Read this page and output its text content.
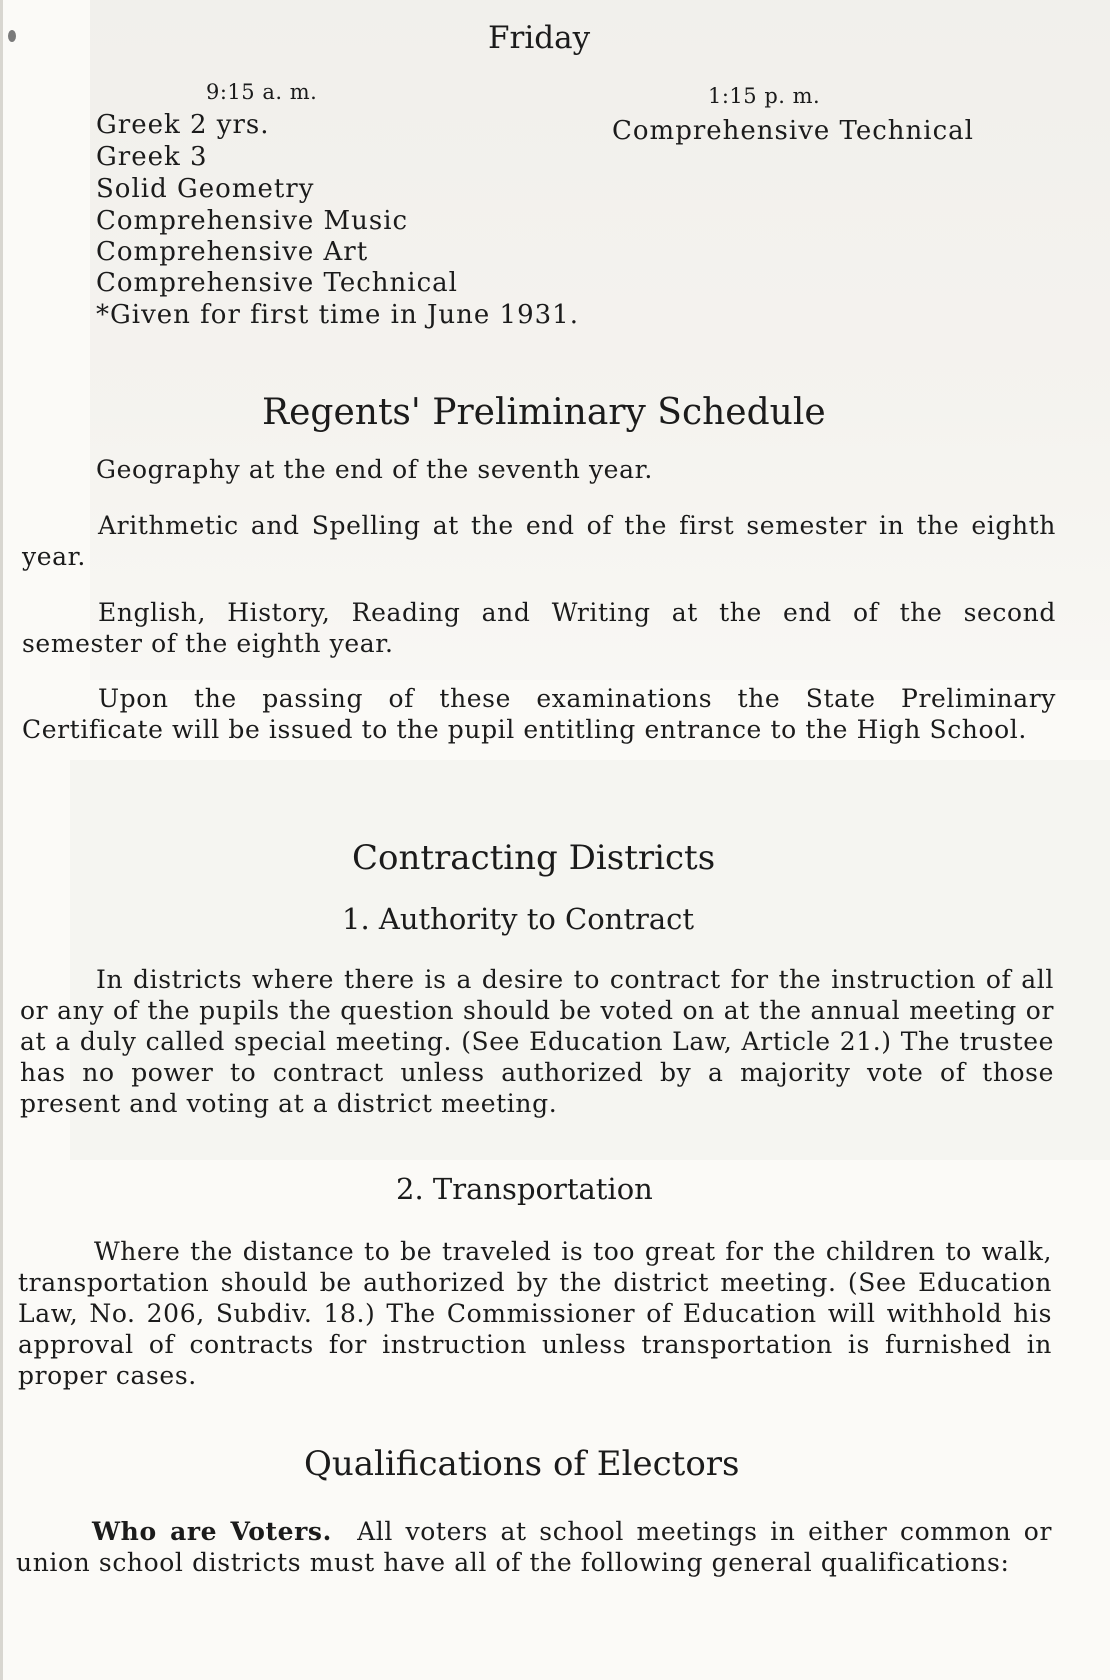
Friday
9:15 a. m.	1:15 p. m.
Greek 2 yrs.
Greek 3
Solid Geometry
Comprehensive Music
Comprehensive Art
Comprehensive Technical
*Given for first time in June 1931.
Comprehensive Technical
Regents' Preliminary Schedule
Geography at the end of the seventh year.
Arithmetic and Spelling at the end of the first semester in the eighth year.
English, History, Reading and Writing at the end of the second semester of the eighth year.
Upon the passing of these examinations the State Preliminary Certificate will be issued to the pupil entitling entrance to the High School.
Contracting Districts
1. Authority to Contract
In districts where there is a desire to contract for the instruction of all or any of the pupils the question should be voted on at the annual meeting or at a duly called special meeting. (See Education Law, Article 21.) The trustee has no power to contract unless authorized by a majority vote of those present and voting at a district meeting.
2. Transportation
Where the distance to be traveled is too great for the children to walk, transportation should be authorized by the district meeting. (See Education Law, No. 206, Subdiv. 18.) The Commissioner of Education will withhold his approval of contracts for instruction unless transportation is furnished in proper cases.
Qualifications of Electors
Who are Voters. All voters at school meetings in either common or union school districts must have all of the following general qualifications:
